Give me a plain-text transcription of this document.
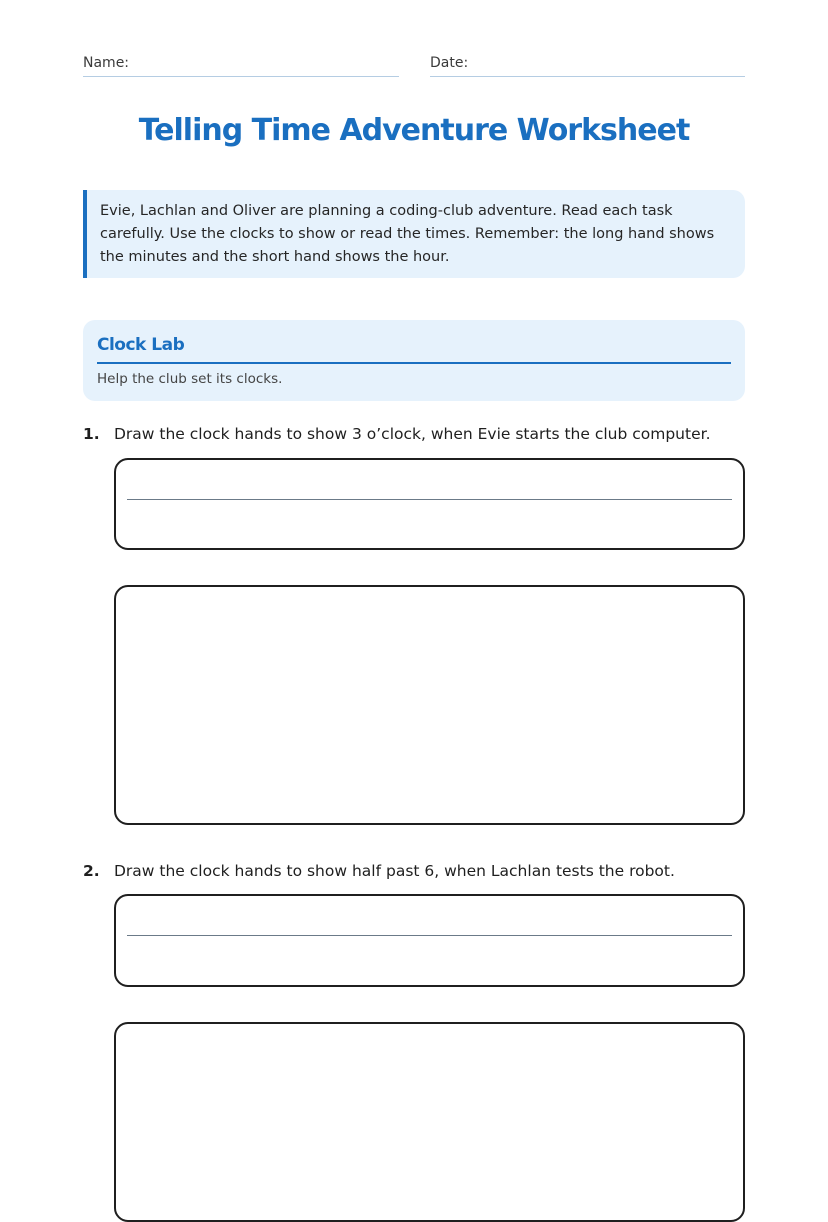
Name:	Date:
Telling Time Adventure Worksheet

Evie, Lachlan and Oliver are planning a coding-club adventure. Read each task carefully. Use the clocks to show or read the times. Remember: the long hand shows the minutes and the short hand shows the hour.

Clock Lab
Help the club set its clocks.
1. Draw the clock hands to show 3 o’clock, when Evie starts the club computer.
2. Draw the clock hands to show half past 6, when Lachlan tests the robot.
